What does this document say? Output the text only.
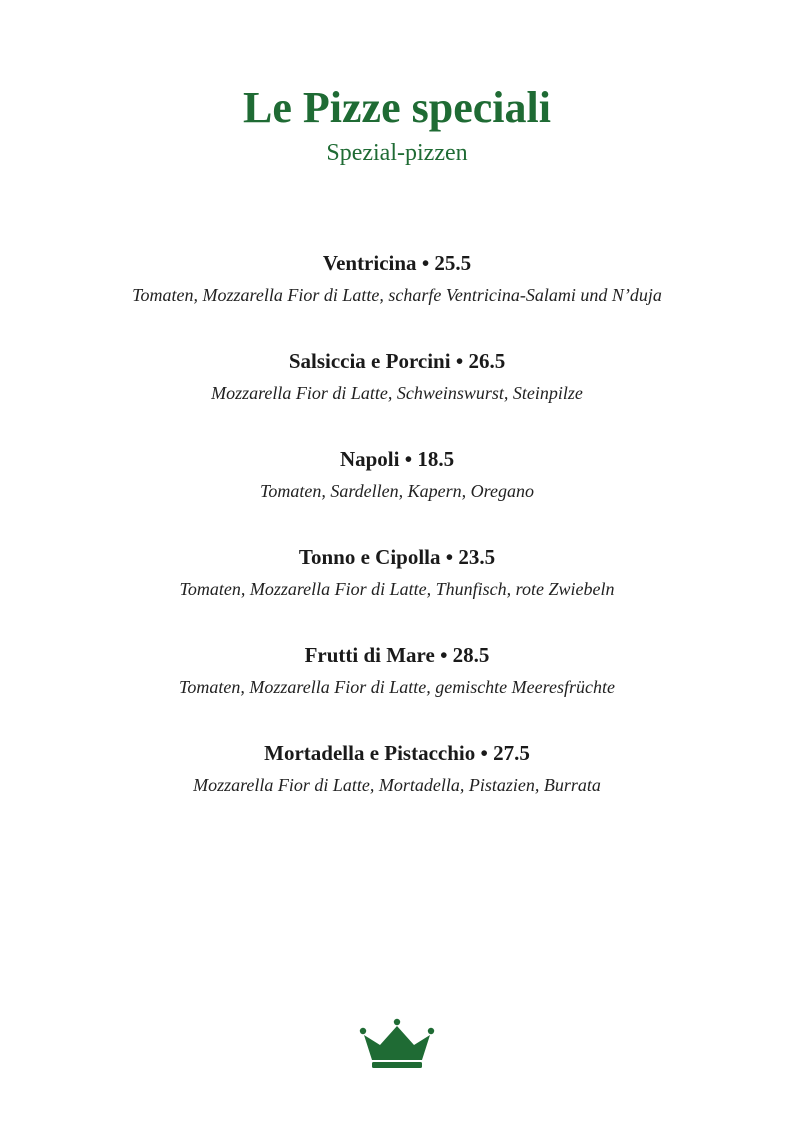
Le Pizze speciali
Spezial-pizzen
Ventricina • 25.5
Tomaten, Mozzarella Fior di Latte, scharfe Ventricina-Salami und N’duja
Salsiccia e Porcini • 26.5
Mozzarella Fior di Latte, Schweinswurst, Steinpilze
Napoli • 18.5
Tomaten, Sardellen, Kapern, Oregano
Tonno e Cipolla • 23.5
Tomaten, Mozzarella Fior di Latte, Thunfisch, rote Zwiebeln
Frutti di Mare • 28.5
Tomaten, Mozzarella Fior di Latte, gemischte Meeresfrüchte
Mortadella e Pistacchio • 27.5
Mozzarella Fior di Latte, Mortadella, Pistazien, Burrata
